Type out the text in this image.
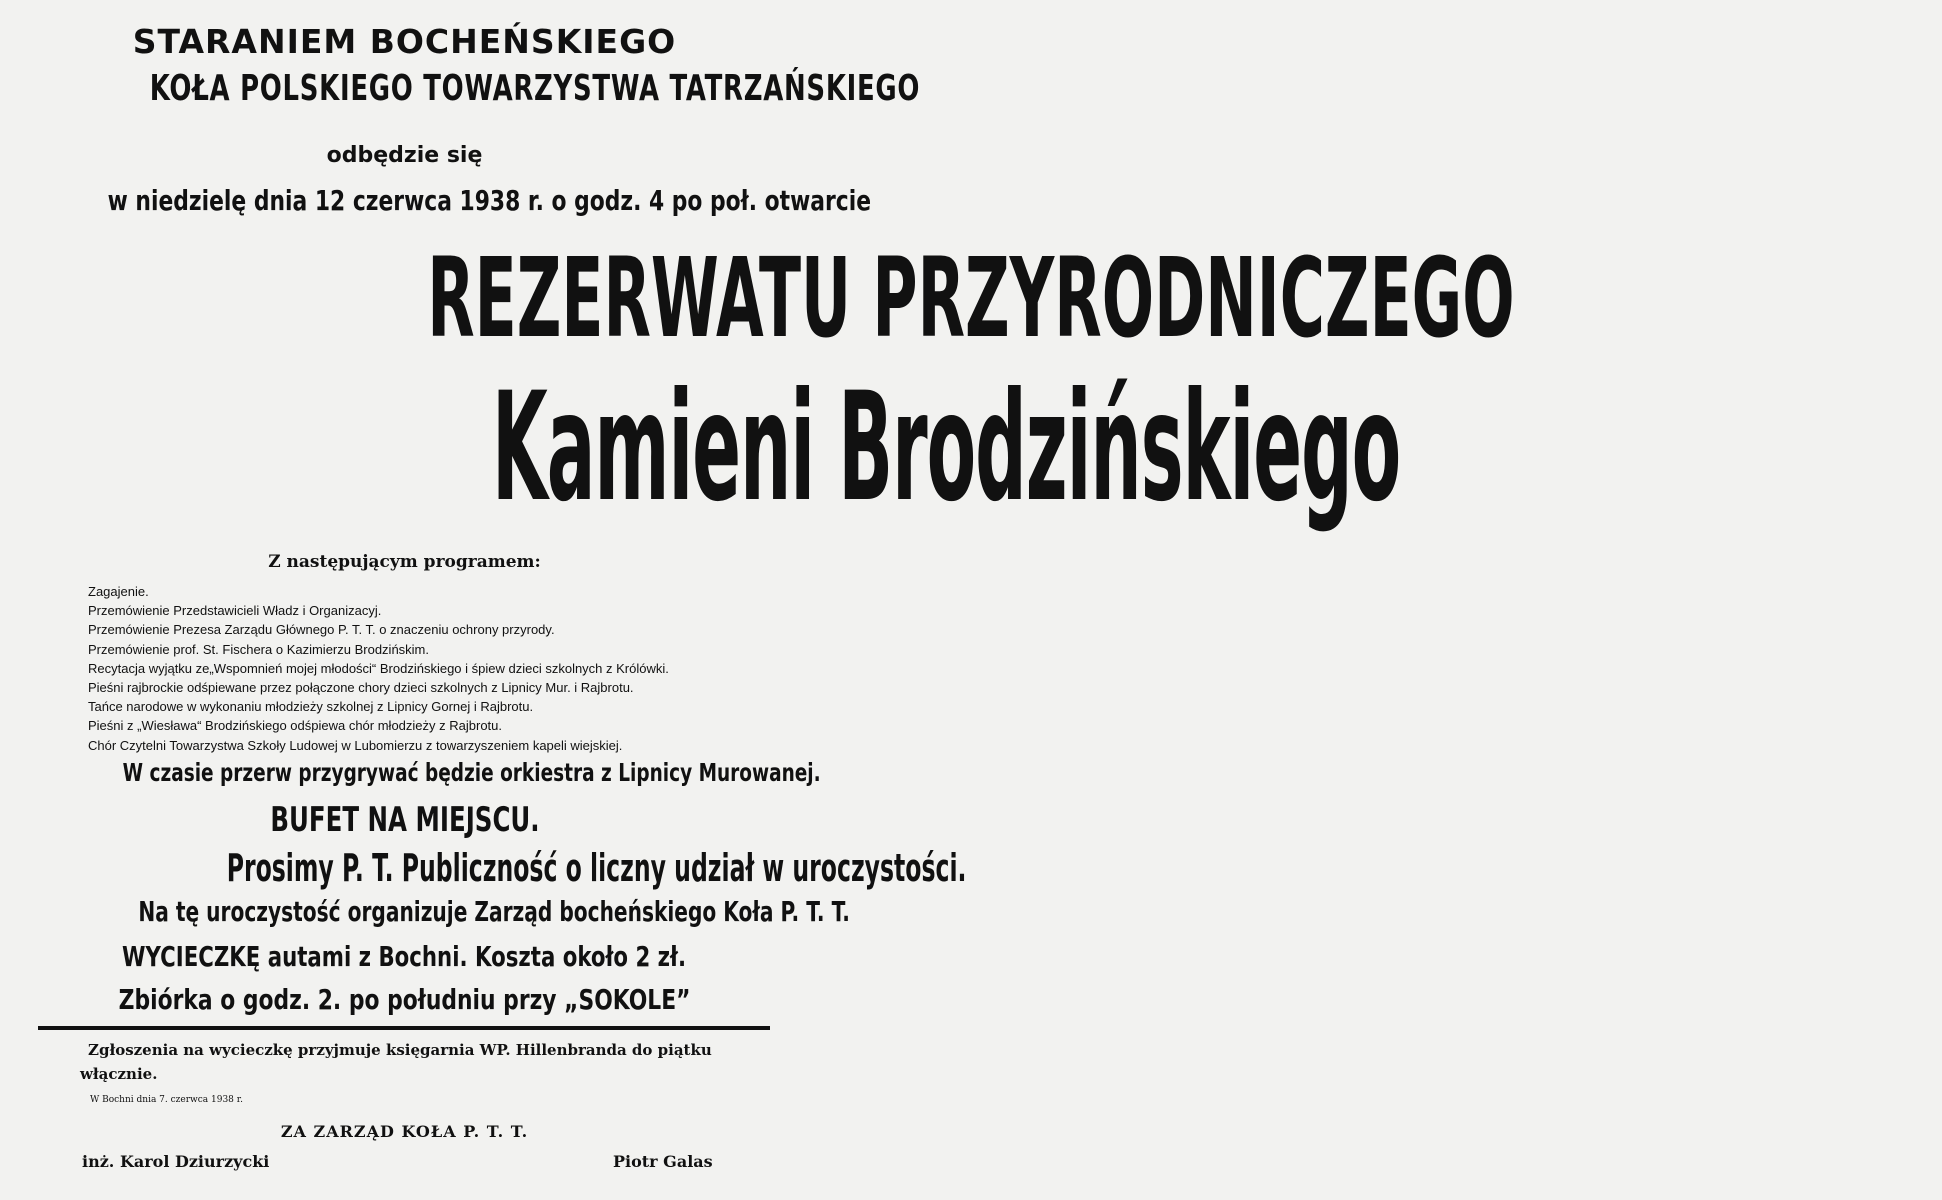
STARANIEM BOCHEŃSKIEGO
KOŁA POLSKIEGO TOWARZYSTWA TATRZAŃSKIEGO
odbędzie się
w niedzielę dnia 12 czerwca 1938 r. o godz. 4 po poł. otwarcie
REZERWATU PRZYRODNICZEGO
Kamieni Brodzińskiego
Z następującym programem:
Zagajenie.
Przemówienie Przedstawicieli Władz i Organizacyj.
Przemówienie Prezesa Zarządu Głównego P. T. T. o znaczeniu ochrony przyrody.
Przemówienie prof. St. Fischera o Kazimierzu Brodzińskim.
Recytacja wyjątku ze„Wspomnień mojej młodości“ Brodzińskiego i śpiew dzieci szkolnych z Królówki.
Pieśni rajbrockie odśpiewane przez połączone chory dzieci szkolnych z Lipnicy Mur. i Rajbrotu.
Tańce narodowe w wykonaniu młodzieży szkolnej z Lipnicy Gornej i Rajbrotu.
Pieśni z „Wiesława“ Brodzińskiego odśpiewa chór młodzieży z Rajbrotu.
Chór Czytelni Towarzystwa Szkoły Ludowej w Lubomierzu z towarzyszeniem kapeli wiejskiej.
W czasie przerw przygrywać będzie orkiestra z Lipnicy Murowanej.
BUFET NA MIEJSCU.
Prosimy P. T. Publiczność o liczny udział w uroczystości.
Na tę uroczystość organizuje Zarząd bocheńskiego Koła P. T. T.
WYCIECZKĘ autami z Bochni. Koszta około 2 zł.
Zbiórka o godz. 2. po południu przy „SOKOLE”
Zgłoszenia na wycieczkę przyjmuje księgarnia WP. Hillenbranda do piątku
włącznie.
W Bochni dnia 7. czerwca 1938 r.
ZA ZARZĄD KOŁA P. T. T.
inż. Karol Dziurzycki	Piotr Galas
